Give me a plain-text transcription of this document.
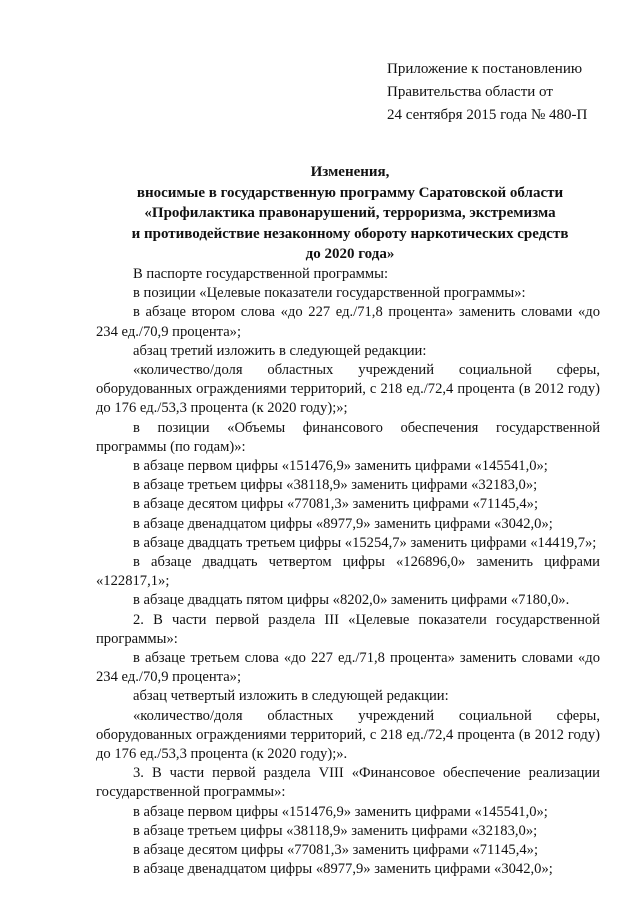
Приложение к постановлению
Правительства области от
24 сентября 2015 года № 480-П
Изменения,
вносимые в государственную программу Саратовской области
«Профилактика правонарушений, терроризма, экстремизма
и противодействие незаконному обороту наркотических средств
до 2020 года»

В паспорте государственной программы:

в позиции «Целевые показатели государственной программы»:

в абзаце втором слова «до 227 ед./71,8 процента» заменить словами «до 234 ед./70,9 процента»;

абзац третий изложить в следующей редакции:

«количество/доля областных учреждений социальной сферы, оборудованных ограждениями территорий, с 218 ед./72,4 процента (в 2012 году) до 176 ед./53,3 процента (к 2020 году);»;

в позиции «Объемы финансового обеспечения государственной программы (по годам)»:

в абзаце первом цифры «151476,9» заменить цифрами «145541,0»;

в абзаце третьем цифры «38118,9» заменить цифрами «32183,0»;

в абзаце десятом цифры «77081,3» заменить цифрами «71145,4»;

в абзаце двенадцатом цифры «8977,9» заменить цифрами «3042,0»;

в абзаце двадцать третьем цифры «15254,7» заменить цифрами «14419,7»;

в абзаце двадцать четвертом цифры «126896,0» заменить цифрами «122817,1»;

в абзаце двадцать пятом цифры «8202,0» заменить цифрами «7180,0».

2. В части первой раздела III «Целевые показатели государственной программы»:

в абзаце третьем слова «до 227 ед./71,8 процента» заменить словами «до 234 ед./70,9 процента»;

абзац четвертый изложить в следующей редакции:

«количество/доля областных учреждений социальной сферы, оборудованных ограждениями территорий, с 218 ед./72,4 процента (в 2012 году) до 176 ед./53,3 процента (к 2020 году);».

3. В части первой раздела VIII «Финансовое обеспечение реализации государственной программы»:

в абзаце первом цифры «151476,9» заменить цифрами «145541,0»;

в абзаце третьем цифры «38118,9» заменить цифрами «32183,0»;

в абзаце десятом цифры «77081,3» заменить цифрами «71145,4»;

в абзаце двенадцатом цифры «8977,9» заменить цифрами «3042,0»;
